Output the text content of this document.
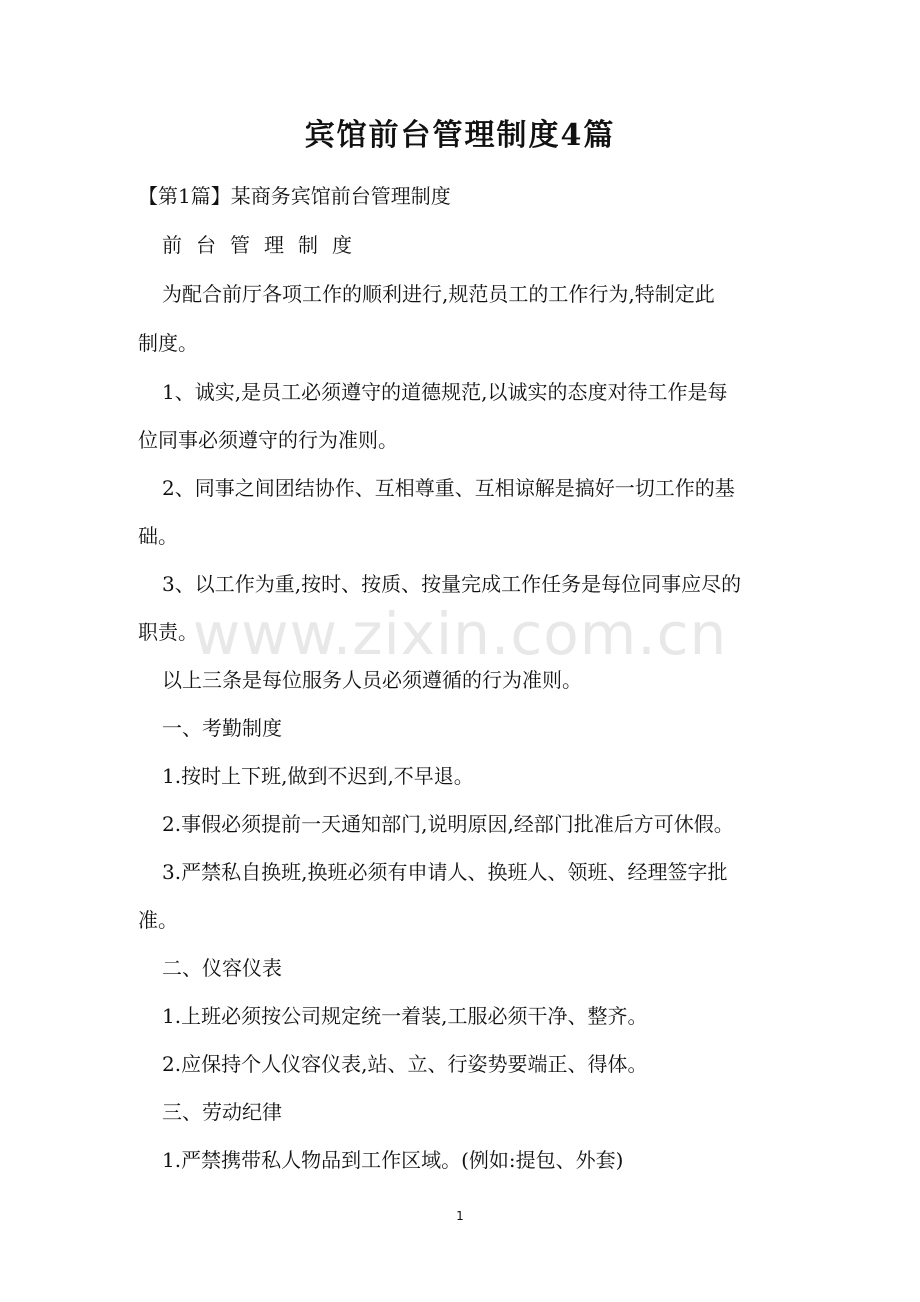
宾馆前台管理制度4篇

【第1篇】某商务宾馆前台管理制度

前台管理制度

为配合前厅各项工作的顺利进行,规范员工的工作行为,特制定此

制度。

1、诚实,是员工必须遵守的道德规范,以诚实的态度对待工作是每

位同事必须遵守的行为准则。

2、同事之间团结协作、互相尊重、互相谅解是搞好一切工作的基

础。

3、以工作为重,按时、按质、按量完成工作任务是每位同事应尽的

职责。

以上三条是每位服务人员必须遵循的行为准则。

一、考勤制度

1.按时上下班,做到不迟到,不早退。

2.事假必须提前一天通知部门,说明原因,经部门批准后方可休假。

3.严禁私自换班,换班必须有申请人、换班人、领班、经理签字批

准。

二、仪容仪表

1.上班必须按公司规定统一着装,工服必须干净、整齐。

2.应保持个人仪容仪表,站、立、行姿势要端正、得体。

三、劳动纪律

1.严禁携带私人物品到工作区域。(例如:提包、外套)

www.zixin.com.cn
1
